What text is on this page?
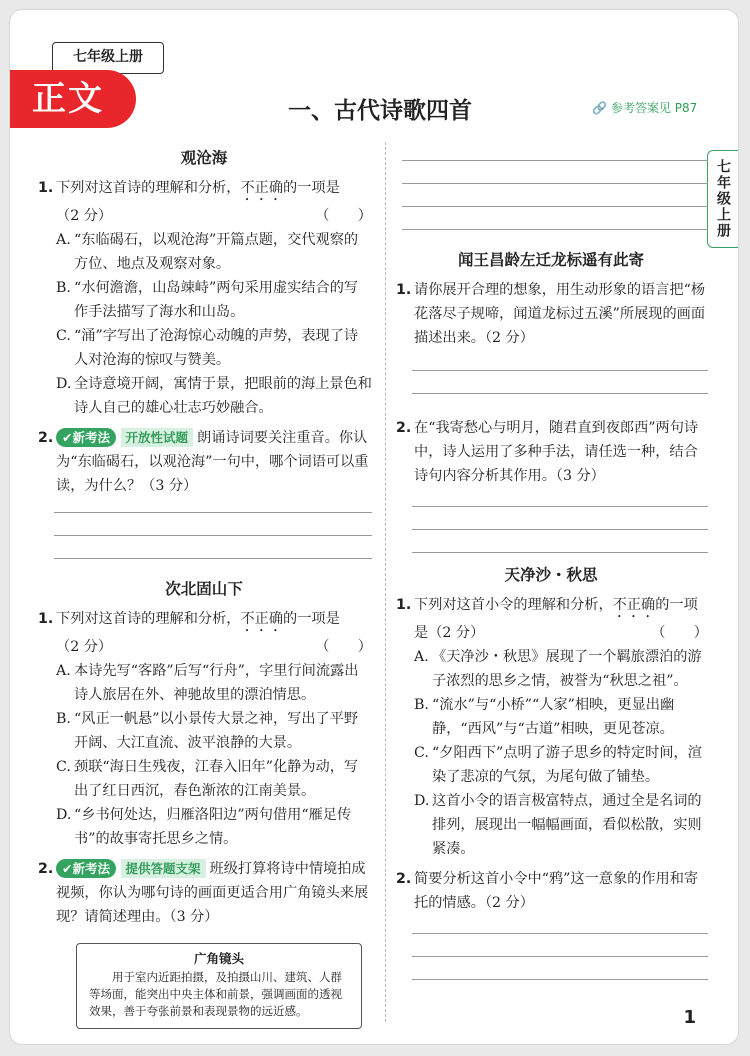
七年级上册
正文	一、古代诗歌四首	🔗 参考答案见 P87
七年级上册
观沧海
1. 下列对这首诗的理解和分析，不正确的一项是
（2 分）	（　　）
A. “东临碣石，以观沧海”开篇点题，交代观察的方位、地点及观察对象。
B. “水何澹澹，山岛竦峙”两句采用虚实结合的写作手法描写了海水和山岛。
C. “涌”字写出了沧海惊心动魄的声势，表现了诗人对沧海的惊叹与赞美。
D. 全诗意境开阔，寓情于景，把眼前的海上景色和诗人自己的雄心壮志巧妙融合。
2. ✔新考法 开放性试题 朗诵诗词要关注重音。你认为“东临碣石，以观沧海”一句中，哪个词语可以重读，为什么？（3 分）
次北固山下
1. 下列对这首诗的理解和分析，不正确的一项是
（2 分）	（　　）
A. 本诗先写“客路”后写“行舟”，字里行间流露出诗人旅居在外、神驰故里的漂泊情思。
B. “风正一帆悬”以小景传大景之神，写出了平野开阔、大江直流、波平浪静的大景。
C. 颈联“海日生残夜，江春入旧年”化静为动，写出了红日西沉，春色渐浓的江南美景。
D. “乡书何处达，归雁洛阳边”两句借用“雁足传书”的故事寄托思乡之情。
2. ✔新考法 提供答题支架 班级打算将诗中情境拍成视频，你认为哪句诗的画面更适合用广角镜头来展现？请简述理由。（3 分）
广角镜头
用于室内近距拍摄，及拍摄山川、建筑、人群等场面，能突出中央主体和前景，强调画面的透视效果，善于夸张前景和表现景物的远近感。
闻王昌龄左迁龙标遥有此寄
1. 请你展开合理的想象，用生动形象的语言把“杨花落尽子规啼，闻道龙标过五溪”所展现的画面描述出来。（2 分）
2. 在“我寄愁心与明月，随君直到夜郎西”两句诗中，诗人运用了多种手法，请任选一种，结合诗句内容分析其作用。（3 分）
天净沙・秋思
1. 下列对这首小令的理解和分析，不正确的一项
是（2 分）	（　　）
A. 《天净沙・秋思》展现了一个羁旅漂泊的游子浓烈的思乡之情，被誉为“秋思之祖”。
B. “流水”与“小桥”“人家”相映，更显出幽静，“西风”与“古道”相映，更见苍凉。
C. “夕阳西下”点明了游子思乡的特定时间，渲染了悲凉的气氛，为尾句做了铺垫。
D. 这首小令的语言极富特点，通过全是名词的排列，展现出一幅幅画面，看似松散，实则紧凑。
2. 简要分析这首小令中“鸦”这一意象的作用和寄托的情感。（2 分）
1
